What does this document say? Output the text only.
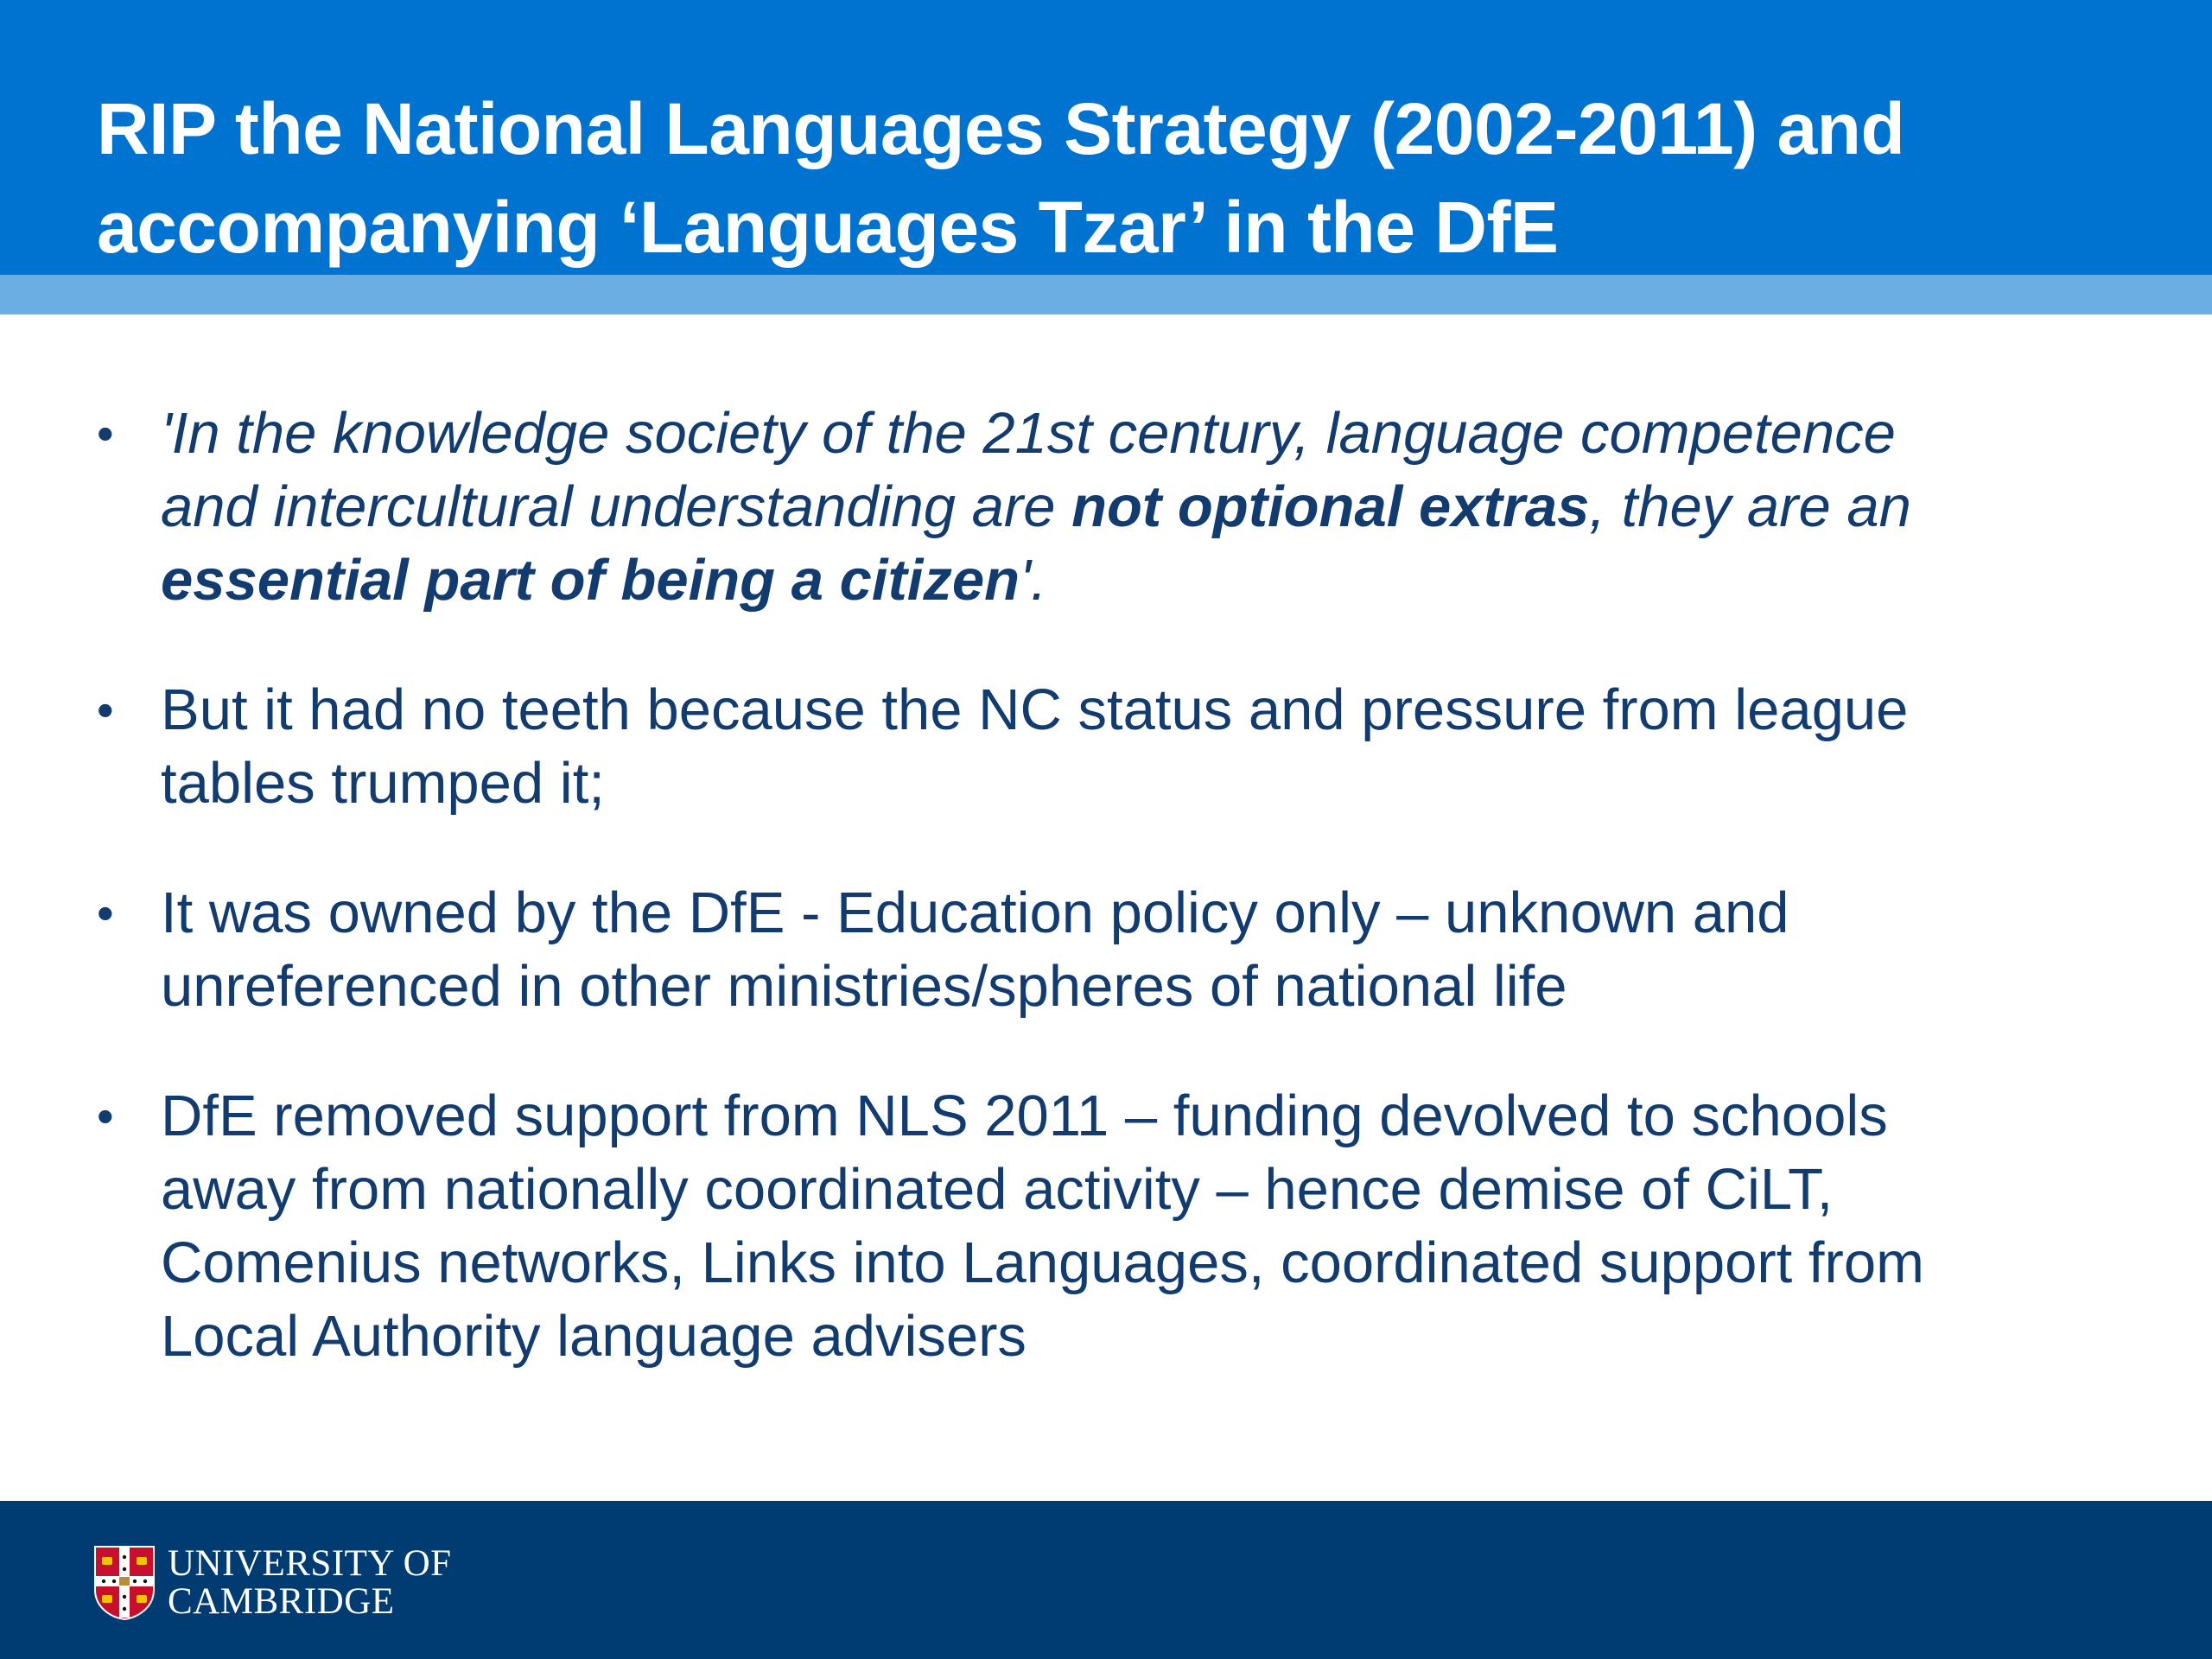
RIP the National Languages Strategy (2002-2011) and
accompanying ‘Languages Tzar’ in the DfE
• 'In the knowledge society of the 21st century, language competence
and intercultural understanding are not optional extras, they are an
essential part of being a citizen'.
• But it had no teeth because the NC status and pressure from league
tables trumped it;
• It was owned by the DfE - Education policy only – unknown and
unreferenced in other ministries/spheres of national life
• DfE removed support from NLS 2011 – funding devolved to schools
away from nationally coordinated activity – hence demise of CiLT,
Comenius networks, Links into Languages, coordinated support from
Local Authority language advisers
UNIVERSITY OF
CAMBRIDGE
